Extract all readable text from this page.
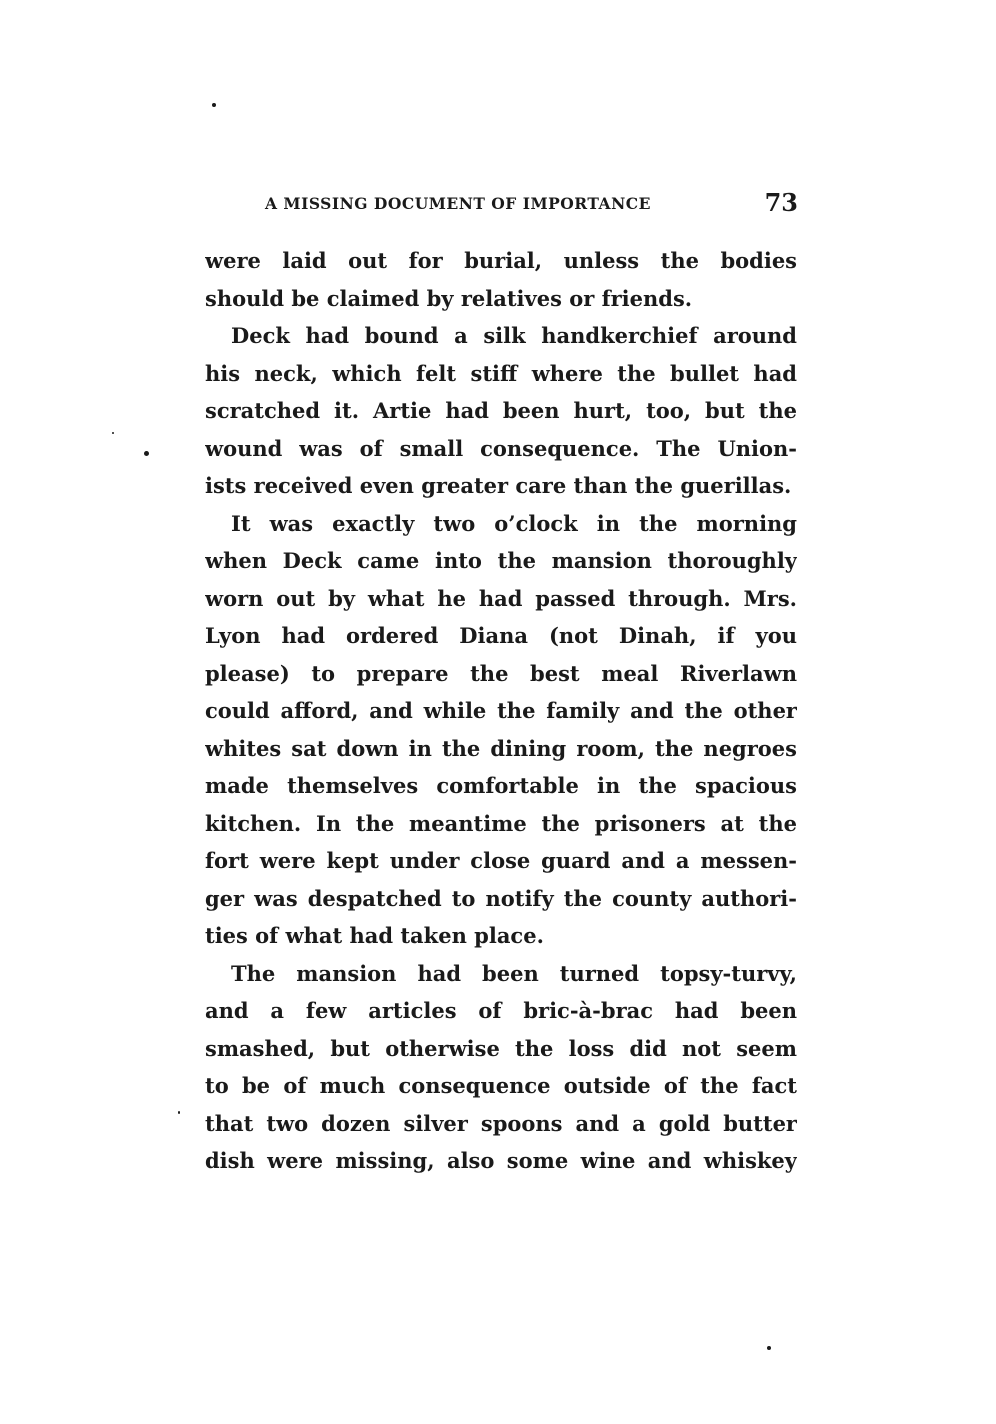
A MISSING DOCUMENT OF IMPORTANCE	73
were laid out for burial, unless the bodies
should be claimed by relatives or friends.
Deck had bound a silk handkerchief around
his neck, which felt stiff where the bullet had
scratched it. Artie had been hurt, too, but the
wound was of small consequence. The Union-
ists received even greater care than the guerillas.
It was exactly two o’clock in the morning
when Deck came into the mansion thoroughly
worn out by what he had passed through. Mrs.
Lyon had ordered Diana (not Dinah, if you
please) to prepare the best meal Riverlawn
could afford, and while the family and the other
whites sat down in the dining room, the negroes
made themselves comfortable in the spacious
kitchen. In the meantime the prisoners at the
fort were kept under close guard and a messen-
ger was despatched to notify the county authori-
ties of what had taken place.
The mansion had been turned topsy-turvy,
and a few articles of bric-à-brac had been
smashed, but otherwise the loss did not seem
to be of much consequence outside of the fact
that two dozen silver spoons and a gold butter
dish were missing, also some wine and whiskey
